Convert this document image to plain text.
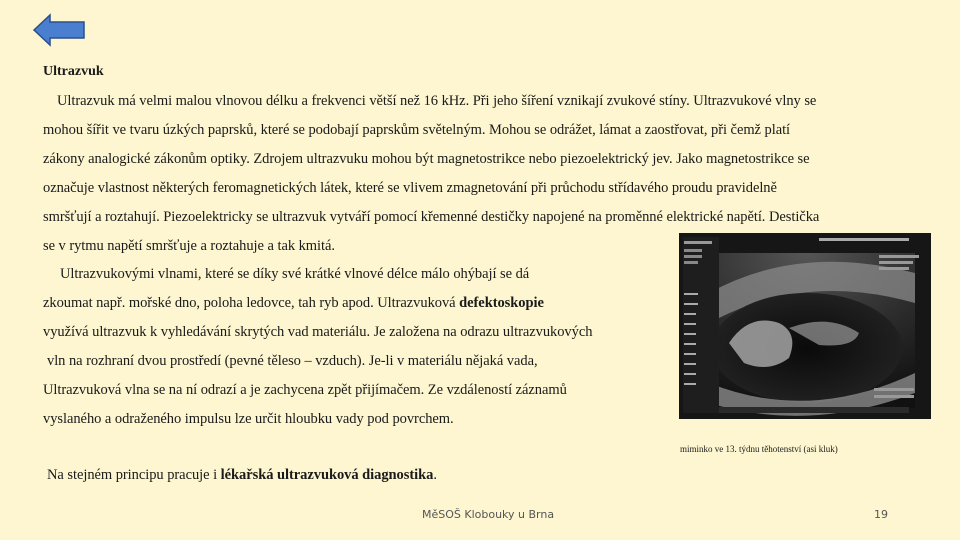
Ultrazvuk

Ultrazvuk má velmi malou vlnovou délku a frekvenci větší než 16 kHz. Při jeho šíření vznikají zvukové stíny. Ultrazvukové vlny se

mohou šířit ve tvaru úzkých paprsků, které se podobají paprskům světelným. Mohou se odrážet, lámat a zaostřovat, při čemž platí

zákony analogické zákonům optiky. Zdrojem ultrazvuku mohou být magnetostrikce nebo piezoelektrický jev. Jako magnetostrikce se

označuje vlastnost některých feromagnetických látek, které se vlivem zmagnetování při průchodu střídavého proudu pravidelně

smršťují a roztahují. Piezoelektricky se ultrazvuk vytváří pomocí křemenné destičky napojené na proměnné elektrické napětí. Destička

se v rytmu napětí smršťuje a roztahuje a tak kmitá.

Ultrazvukovými vlnami, které se díky své krátké vlnové délce málo ohýbají se dá

zkoumat např. mořské dno, poloha ledovce, tah ryb apod. Ultrazvuková defektoskopie

využívá ultrazvuk k vyhledávání skrytých vad materiálu. Je založena na odrazu ultrazvukových

vln na rozhraní dvou prostředí (pevné těleso – vzduch). Je-li v materiálu nějaká vada,

Ultrazvuková vlna se na ní odrazí a je zachycena zpět přijímačem. Ze vzdáleností záznamů

vyslaného a odraženého impulsu lze určit hloubku vady pod povrchem.

miminko ve 13. týdnu těhotenství (asi kluk)

Na stejném principu pracuje i lékařská ultrazvuková diagnostika.

MěSOŠ Klobouky u Brna	19
